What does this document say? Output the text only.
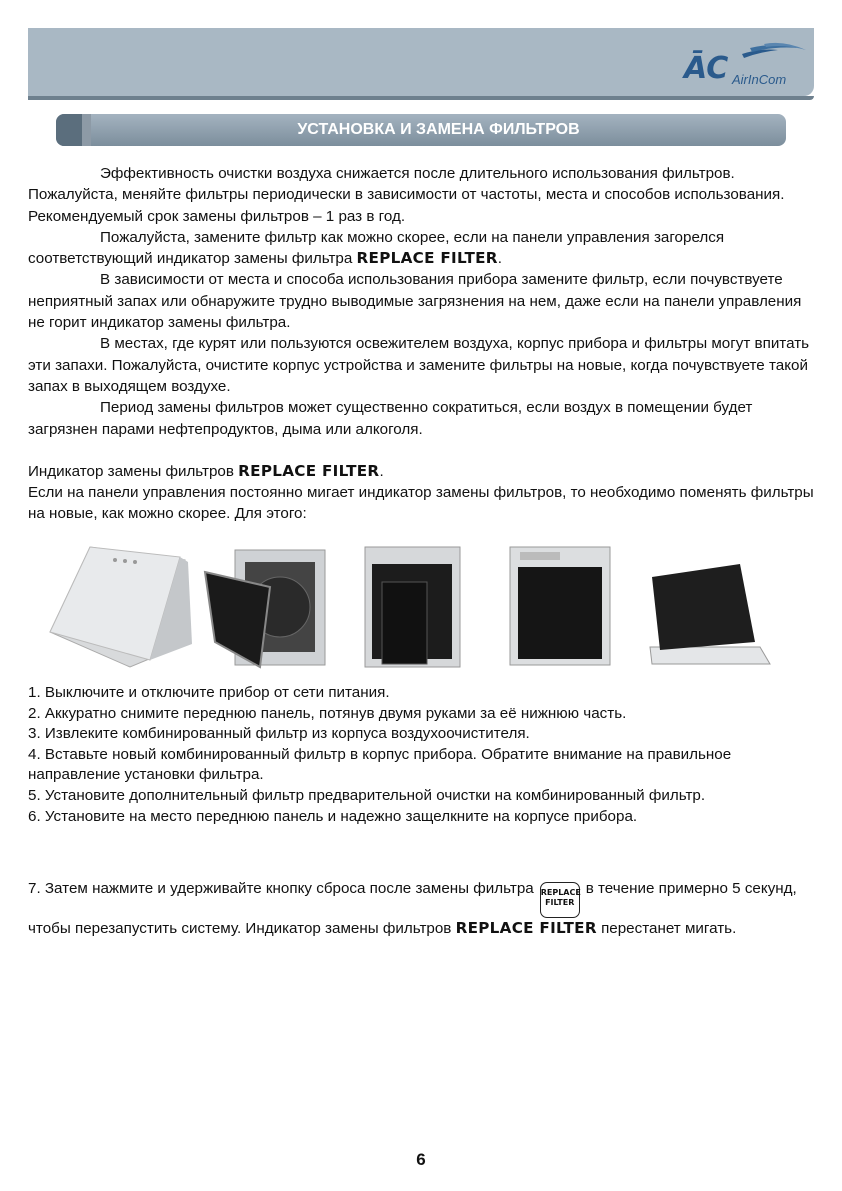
ĀC AirInCom
УСТАНОВКА И ЗАМЕНА ФИЛЬТРОВ

Эффективность очистки воздуха снижается после длительного использования фильтров. Пожалуйста, меняйте фильтры периодически в зависимости от частоты, места и способов использования. Рекомендуемый срок замены фильтров – 1 раз в год.

Пожалуйста, замените фильтр как можно скорее, если на панели управления загорелся соответствующий индикатор замены фильтра REPLACE FILTER.

В зависимости от места и способа использования прибора замените фильтр, если почувствуете неприятный запах или обнаружите трудно выводимые загрязнения на нем, даже если на панели управления не горит индикатор замены фильтра.

В местах, где курят или пользуются освежителем воздуха, корпус прибора и фильтры могут впитать эти запахи. Пожалуйста, очистите корпус устройства и замените фильтры на новые, когда почувствуете такой запах в выходящем воздухе.

Период замены фильтров может существенно сократиться, если воздух в помещении будет загрязнен парами нефтепродуктов, дыма или алкоголя.

Индикатор замены фильтров REPLACE FILTER.

Если на панели управления постоянно мигает индикатор замены фильтров, то необходимо поменять фильтры на новые, как можно скорее. Для этого:

1. Выключите и отключите прибор от сети питания.

2. Аккуратно снимите переднюю панель, потянув двумя руками за её нижнюю часть.

3. Извлеките комбинированный фильтр из корпуса воздухоочистителя.

4. Вставьте новый комбинированный фильтр в корпус прибора. Обратите внимание на правильное направление установки фильтра.

5. Установите дополнительный фильтр предварительной очистки на комбинированный фильтр.

6. Установите на место переднюю панель и надежно защелкните на корпусе прибора.

7. Затем нажмите и удерживайте кнопку сброса после замены фильтра REPLACE
FILTER
в течение примерно 5 секунд, чтобы перезапустить систему. Индикатор замены фильтров REPLACE FILTER перестанет мигать.

6
